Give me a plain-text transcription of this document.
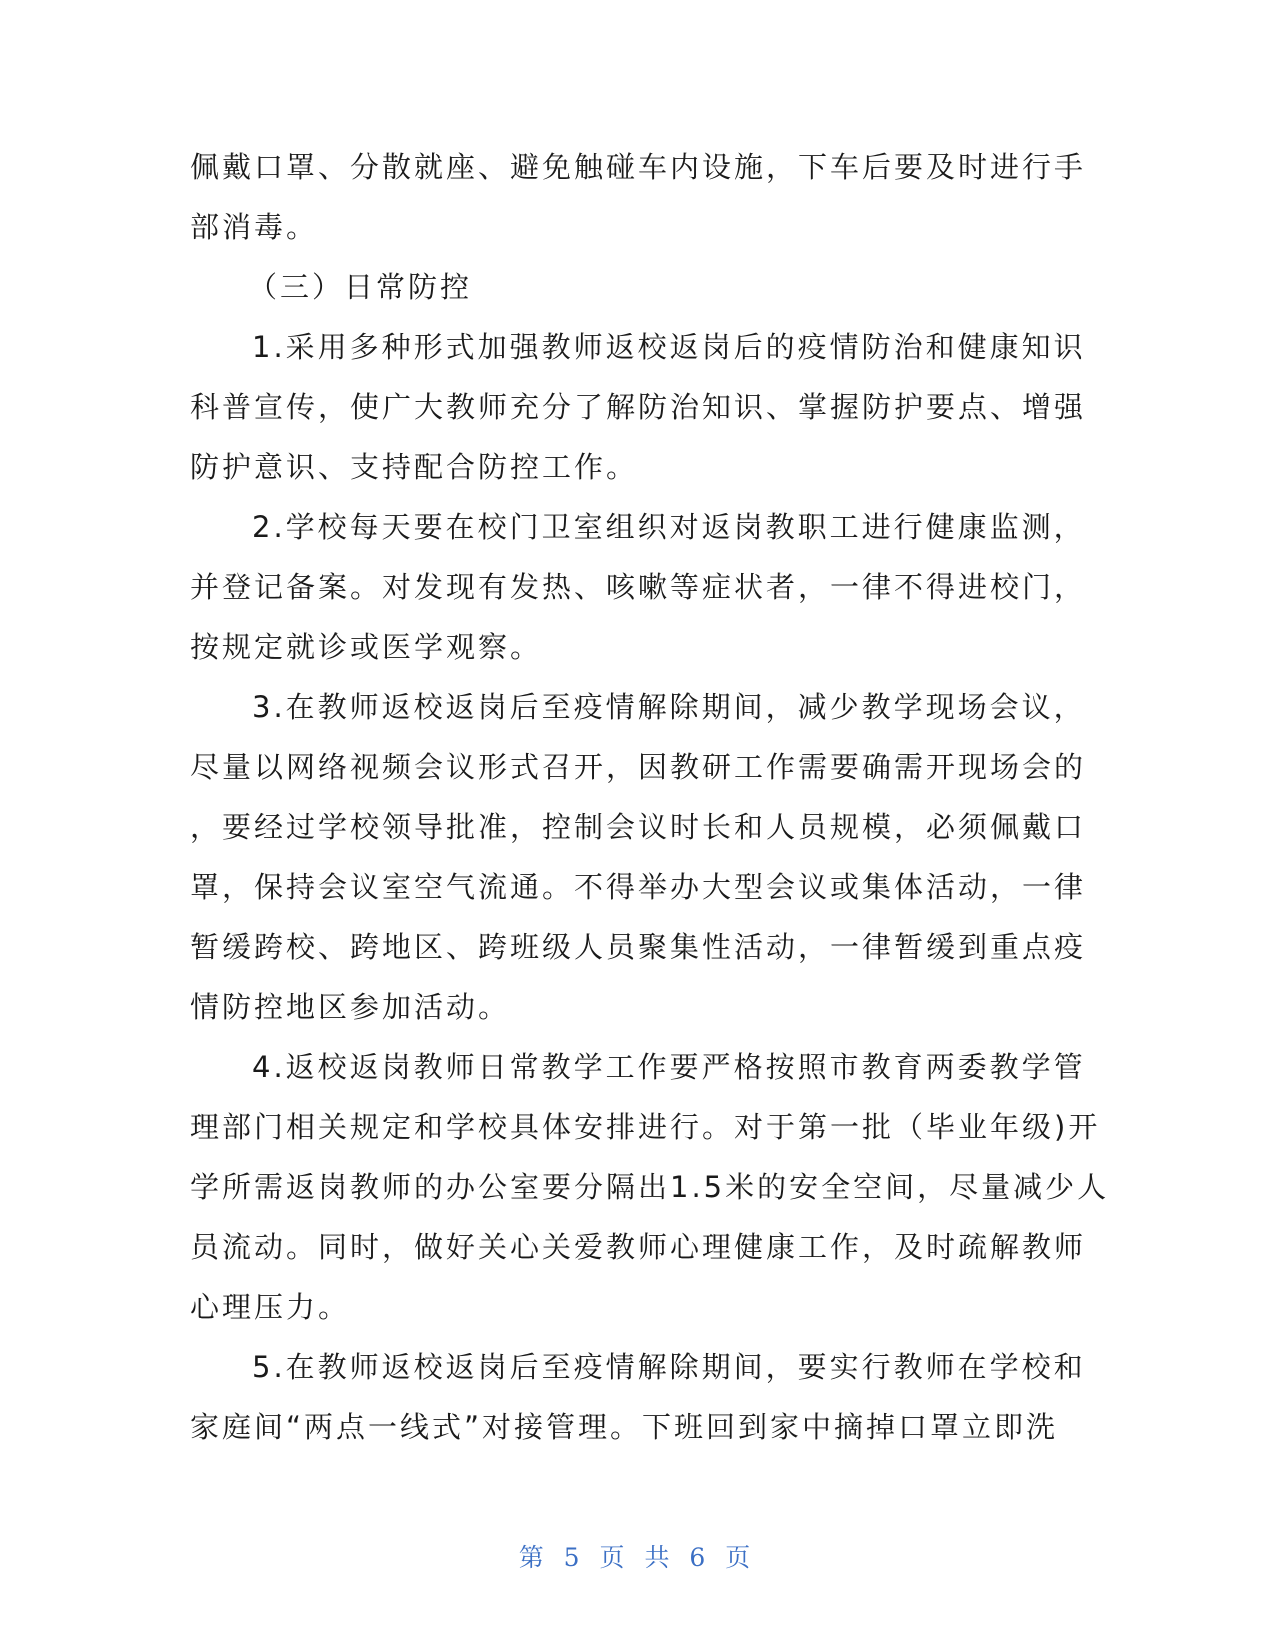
佩戴口罩、分散就座、避免触碰车内设施，下车后要及时进行手
部消毒。
（三）日常防控
1.采用多种形式加强教师返校返岗后的疫情防治和健康知识
科普宣传，使广大教师充分了解防治知识、掌握防护要点、增强
防护意识、支持配合防控工作。
2.学校每天要在校门卫室组织对返岗教职工进行健康监测，
并登记备案。对发现有发热、咳嗽等症状者，一律不得进校门，
按规定就诊或医学观察。
3.在教师返校返岗后至疫情解除期间，减少教学现场会议，
尽量以网络视频会议形式召开，因教研工作需要确需开现场会的
，要经过学校领导批准，控制会议时长和人员规模，必须佩戴口
罩，保持会议室空气流通。不得举办大型会议或集体活动，一律
暂缓跨校、跨地区、跨班级人员聚集性活动，一律暂缓到重点疫
情防控地区参加活动。
4.返校返岗教师日常教学工作要严格按照市教育两委教学管
理部门相关规定和学校具体安排进行。对于第一批（毕业年级)开
学所需返岗教师的办公室要分隔出1.5米的安全空间，尽量减少人
员流动。同时，做好关心关爱教师心理健康工作，及时疏解教师
心理压力。
5.在教师返校返岗后至疫情解除期间，要实行教师在学校和
家庭间“两点一线式”对接管理。下班回到家中摘掉口罩立即洗
第 5 页 共 6 页
